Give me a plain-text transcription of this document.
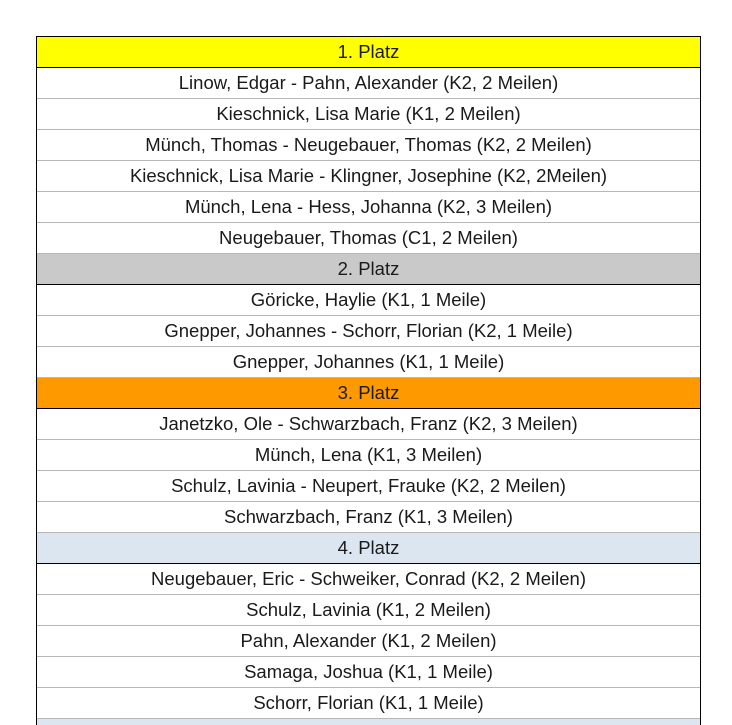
1. Platz
Linow, Edgar - Pahn, Alexander (K2, 2 Meilen)
Kieschnick, Lisa Marie (K1, 2 Meilen)
Münch, Thomas - Neugebauer, Thomas (K2, 2 Meilen)
Kieschnick, Lisa Marie - Klingner, Josephine (K2, 2Meilen)
Münch, Lena - Hess, Johanna (K2, 3 Meilen)
Neugebauer, Thomas (C1, 2 Meilen)
2. Platz
Göricke, Haylie (K1, 1 Meile)
Gnepper, Johannes - Schorr, Florian (K2, 1 Meile)
Gnepper, Johannes (K1, 1 Meile)
3. Platz
Janetzko, Ole - Schwarzbach, Franz (K2, 3 Meilen)
Münch, Lena (K1, 3 Meilen)
Schulz, Lavinia - Neupert, Frauke (K2, 2 Meilen)
Schwarzbach, Franz (K1, 3 Meilen)
4. Platz
Neugebauer, Eric - Schweiker, Conrad (K2, 2 Meilen)
Schulz, Lavinia (K1, 2 Meilen)
Pahn, Alexander (K1, 2 Meilen)
Samaga, Joshua (K1, 1 Meile)
Schorr, Florian (K1, 1 Meile)
